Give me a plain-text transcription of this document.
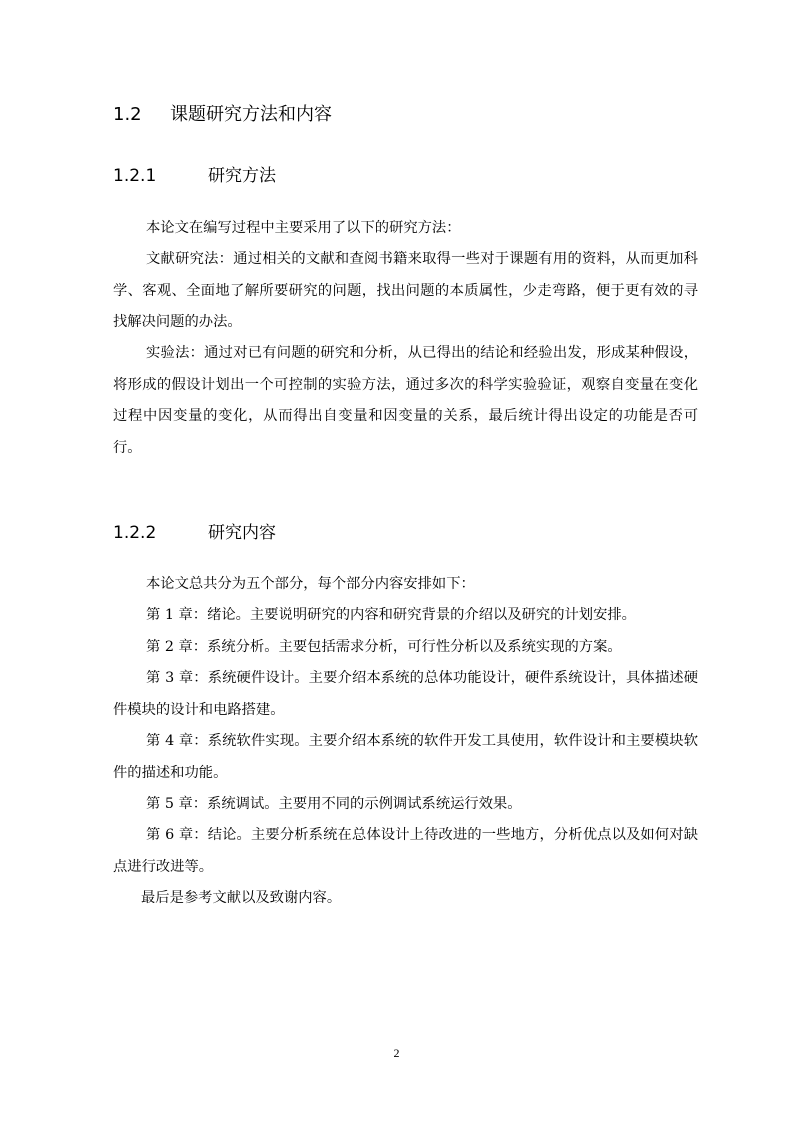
1.2 课题研究方法和内容
1.2.1	研究方法
本论文在编写过程中主要采用了以下的研究方法：
文献研究法：通过相关的文献和查阅书籍来取得一些对于课题有用的资料，从而更加科学、客观、全面地了解所要研究的问题，找出问题的本质属性，少走弯路，便于更有效的寻找解决问题的办法。
实验法：通过对已有问题的研究和分析，从已得出的结论和经验出发，形成某种假设，将形成的假设计划出一个可控制的实验方法，通过多次的科学实验验证，观察自变量在变化过程中因变量的变化，从而得出自变量和因变量的关系，最后统计得出设定的功能是否可行。
1.2.2	研究内容
本论文总共分为五个部分，每个部分内容安排如下：
第 1 章：绪论。主要说明研究的内容和研究背景的介绍以及研究的计划安排。
第 2 章：系统分析。主要包括需求分析，可行性分析以及系统实现的方案。
第 3 章：系统硬件设计。主要介绍本系统的总体功能设计，硬件系统设计，具体描述硬件模块的设计和电路搭建。
第 4 章：系统软件实现。主要介绍本系统的软件开发工具使用，软件设计和主要模块软件的描述和功能。
第 5 章：系统调试。主要用不同的示例调试系统运行效果。
第 6 章：结论。主要分析系统在总体设计上待改进的一些地方，分析优点以及如何对缺点进行改进等。
最后是参考文献以及致谢内容。
2
